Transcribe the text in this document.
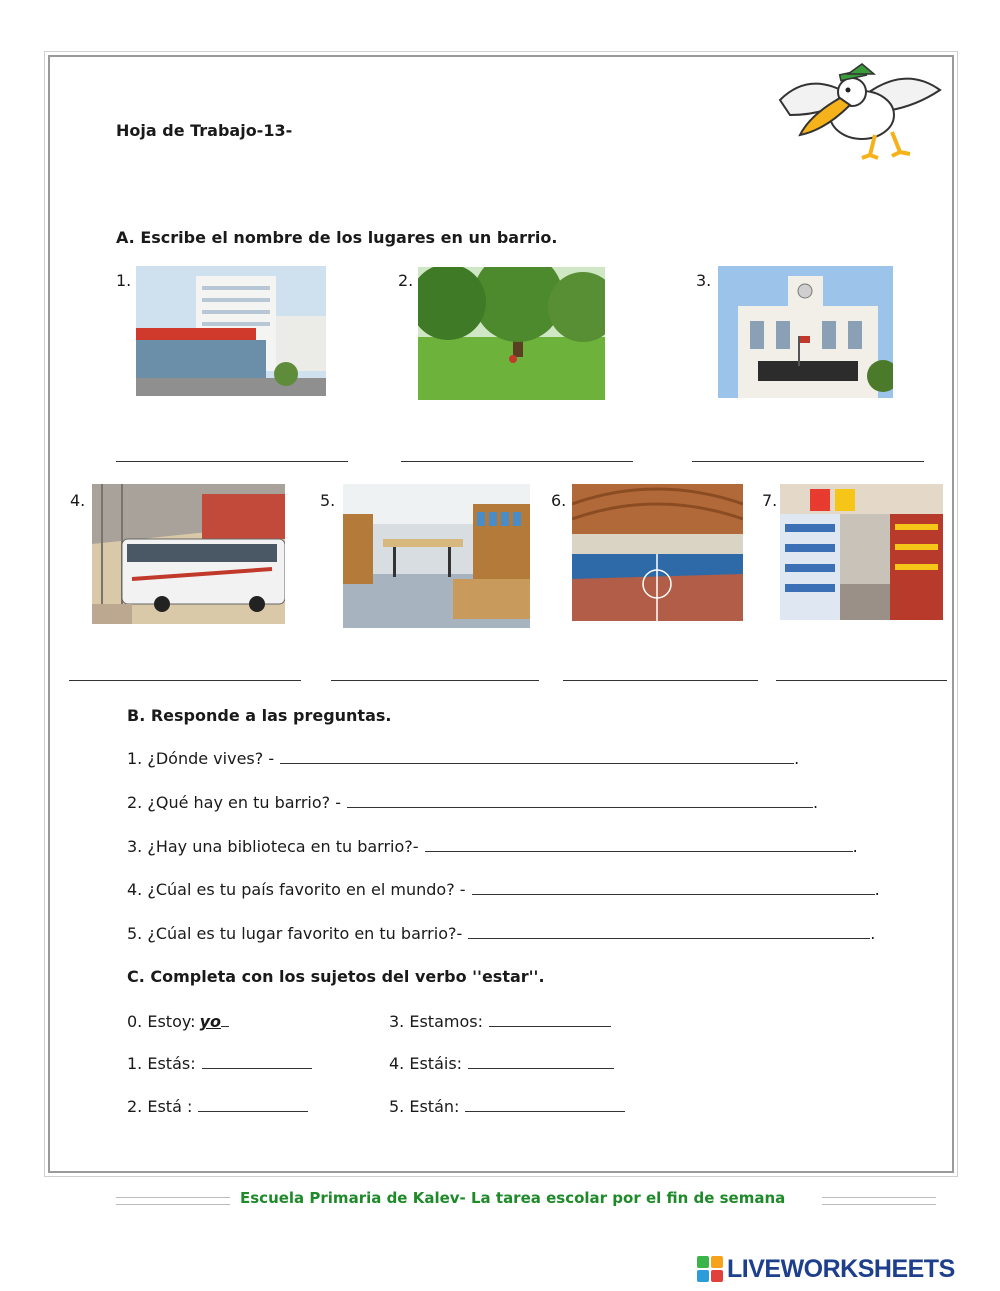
Hoja de Trabajo-13-
A. Escribe el nombre de los lugares en un barrio.
1.	2.	3.
4.	5.	6.	7.
B. Responde a las preguntas.
1. ¿Dónde vives? -	.
2. ¿Qué hay en tu barrio? -	.
3. ¿Hay una biblioteca en tu barrio?-	.
4. ¿Cúal es tu país favorito en el mundo? -	.
5. ¿Cúal es tu lugar favorito en tu barrio?-	.
C. Completa con los sujetos del verbo ''estar''.
0. Estoy: yo
1. Estás:
2. Está :
3. Estamos:
4. Estáis:
5. Están:
Escuela Primaria de Kalev- La tarea escolar por el fin de semana
LIVEWORKSHEETS
